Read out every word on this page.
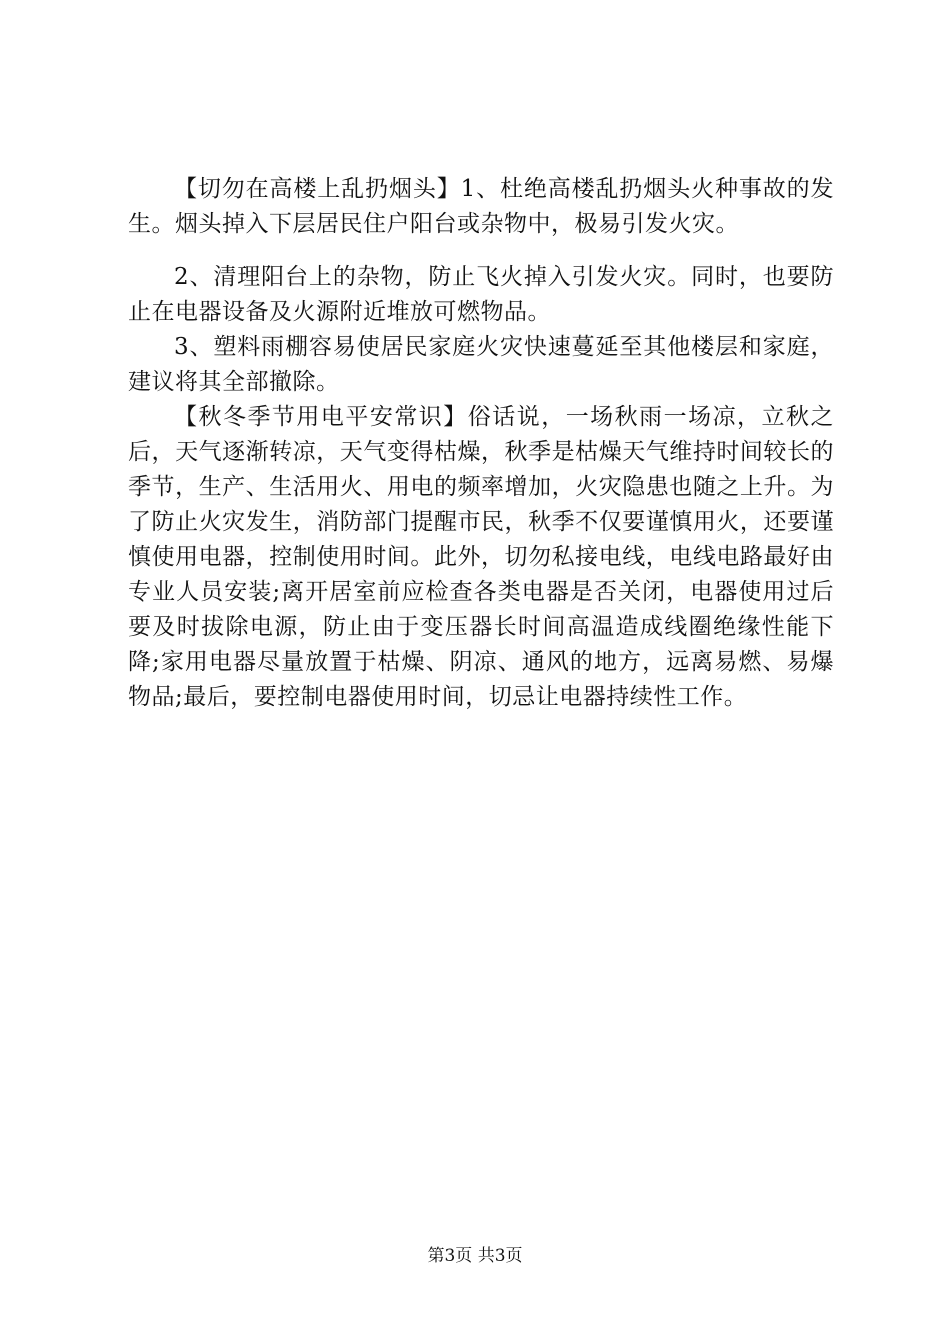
【切勿在高楼上乱扔烟头】1、杜绝高楼乱扔烟头火种事故的发生。烟头掉入下层居民住户阳台或杂物中，极易引发火灾。

2、清理阳台上的杂物，防止飞火掉入引发火灾。同时，也要防止在电器设备及火源附近堆放可燃物品。

3、塑料雨棚容易使居民家庭火灾快速蔓延至其他楼层和家庭，建议将其全部撤除。

【秋冬季节用电平安常识】俗话说，一场秋雨一场凉，立秋之后，天气逐渐转凉，天气变得枯燥，秋季是枯燥天气维持时间较长的季节，生产、生活用火、用电的频率增加，火灾隐患也随之上升。为了防止火灾发生，消防部门提醒市民，秋季不仅要谨慎用火，还要谨慎使用电器，控制使用时间。此外，切勿私接电线，电线电路最好由专业人员安装;离开居室前应检查各类电器是否关闭，电器使用过后要及时拔除电源，防止由于变压器长时间高温造成线圈绝缘性能下降;家用电器尽量放置于枯燥、阴凉、通风的地方，远离易燃、易爆物品;最后，要控制电器使用时间，切忌让电器持续性工作。

第3页 共3页
